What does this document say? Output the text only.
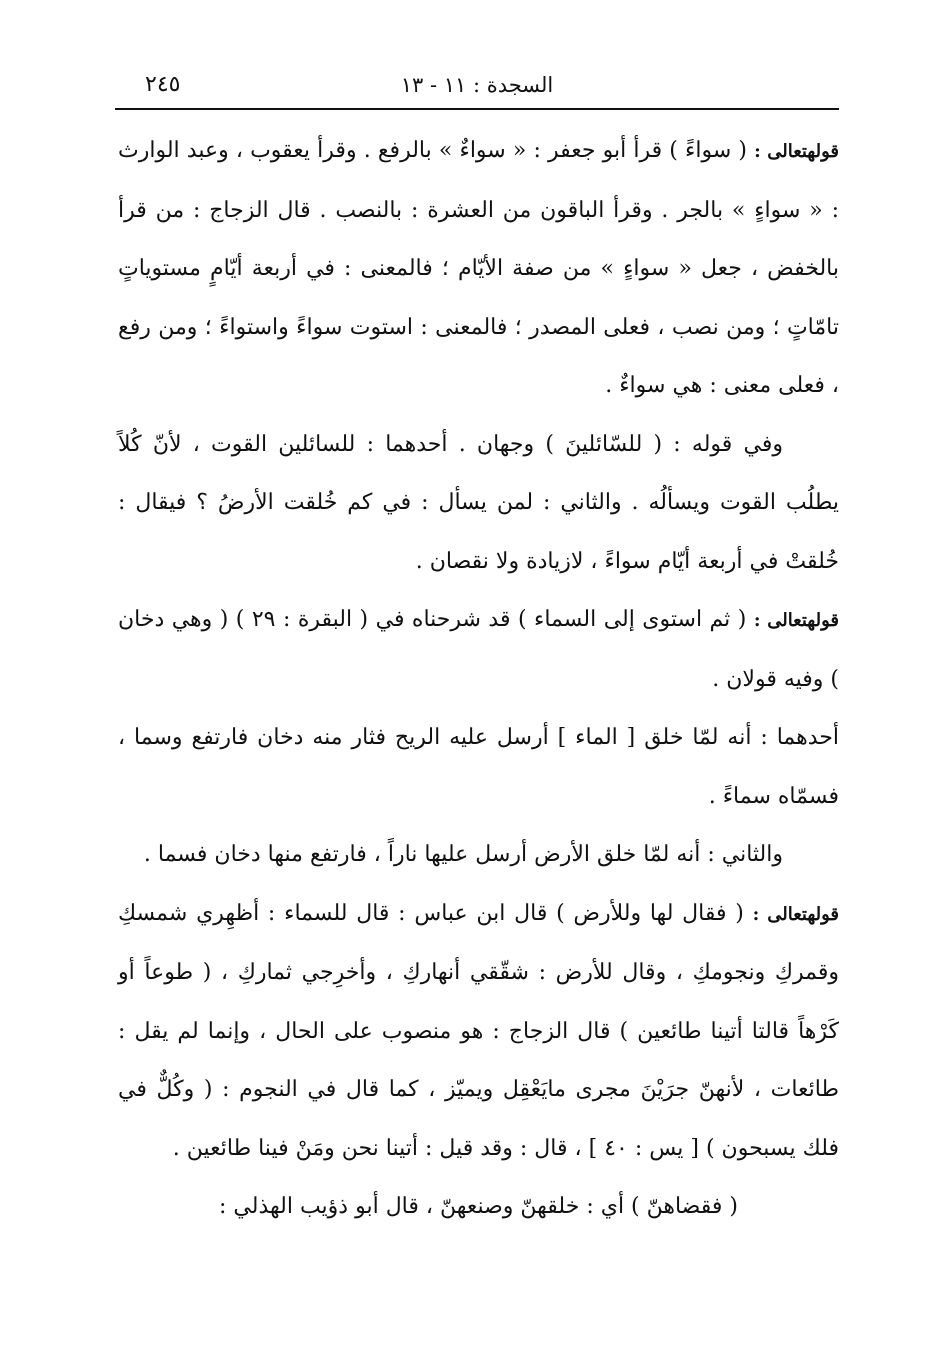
السجدة : ١١ - ١٣
٢٤٥

قولهتعالى : ( سواءً ) قرأ أبو جعفر : « سواءٌ » بالرفع . وقرأ يعقوب ، وعبد الوارث : « سواءٍ » بالجر . وقرأ الباقون من العشرة : بالنصب . قال الزجاج : من قرأ بالخفض ، جعل « سواءٍ » من صفة الأيّام ؛ فالمعنى : في أربعة أيّامٍ مستوياتٍ تامّاتٍ ؛ ومن نصب ، فعلى المصدر ؛ فالمعنى : استوت سواءً واستواءً ؛ ومن رفع ، فعلى معنى : هي سواءٌ .

وفي قوله : ( للسّائلينَ ) وجهان . أحدهما : للسائلين القوت ، لأنّ كُلاً يطلُب القوت ويسألُه . والثاني : لمن يسأل : في كم خُلقت الأرضُ ؟ فيقال : خُلقتْ في أربعة أيّام سواءً ، لازيادة ولا نقصان .

قولهتعالى : ( ثم استوى إلى السماء ) قد شرحناه في ( البقرة : ٢٩ ) ( وهي دخان ) وفيه قولان .

أحدهما : أنه لمّا خلق [ الماء ] أرسل عليه الريح فثار منه دخان فارتفع وسما ، فسمّاه سماءً .

والثاني : أنه لمّا خلق الأرض أرسل عليها ناراً ، فارتفع منها دخان فسما .

قولهتعالى : ( فقال لها وللأرض ) قال ابن عباس : قال للسماء : أظهِري شمسكِ وقمركِ ونجومكِ ، وقال للأرض : شقّقي أنهاركِ ، وأخرِجي ثماركِ ، ( طوعاً أو كَرْهاً قالتا أتينا طائعين ) قال الزجاج : هو منصوب على الحال ، وإنما لم يقل : طائعات ، لأنهنّ جرَيْنَ مجرى مايَعْقِل ويميّز ، كما قال في النجوم : ( وكُلٌّ في فلك يسبحون ) [ يس : ٤٠ ] ، قال : وقد قيل : أتينا نحن ومَنْ فينا طائعين .

( فقضاهنّ ) أي : خلقهنّ وصنعهنّ ، قال أبو ذؤيب الهذلي :
